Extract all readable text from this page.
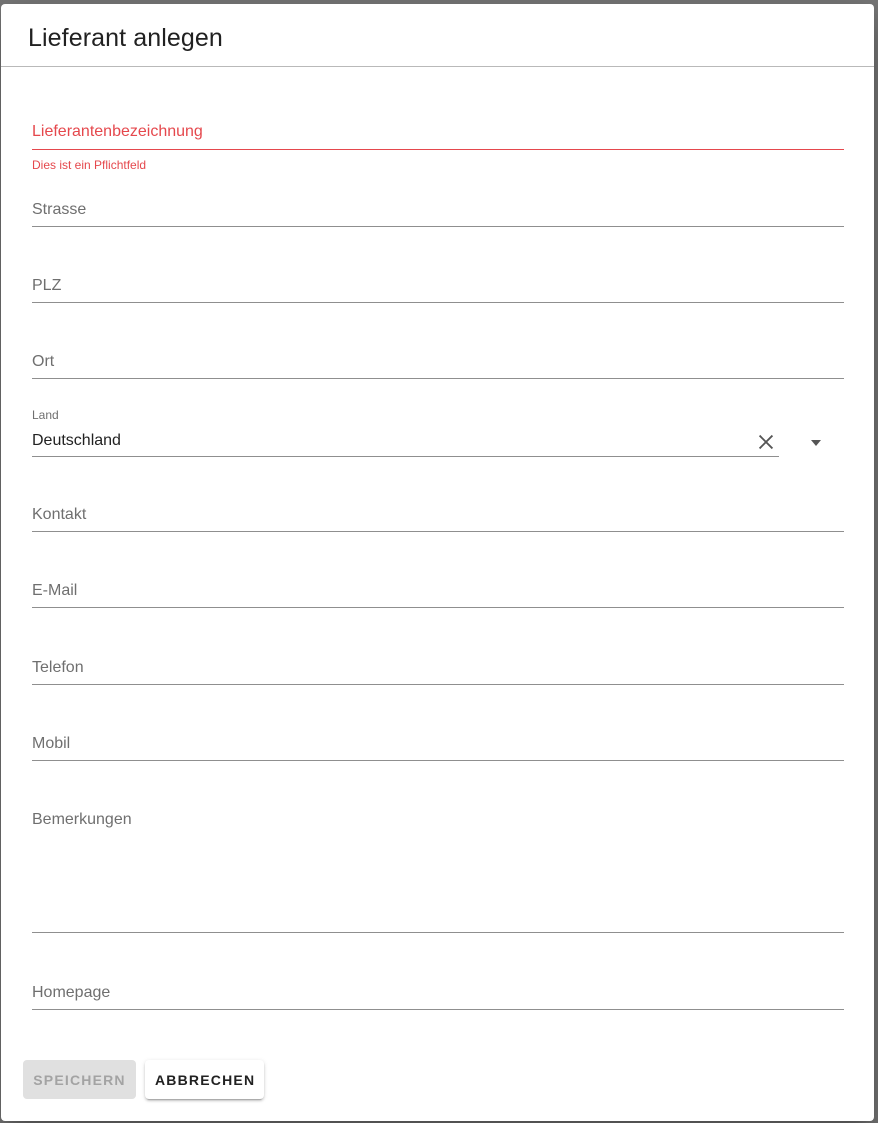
Lieferant anlegen
Lieferantenbezeichnung
Dies ist ein Pflichtfeld
Strasse
PLZ
Ort
Land
Deutschland
Kontakt
E-Mail
Telefon
Mobil
Bemerkungen
Homepage
SPEICHERN	ABBRECHEN
